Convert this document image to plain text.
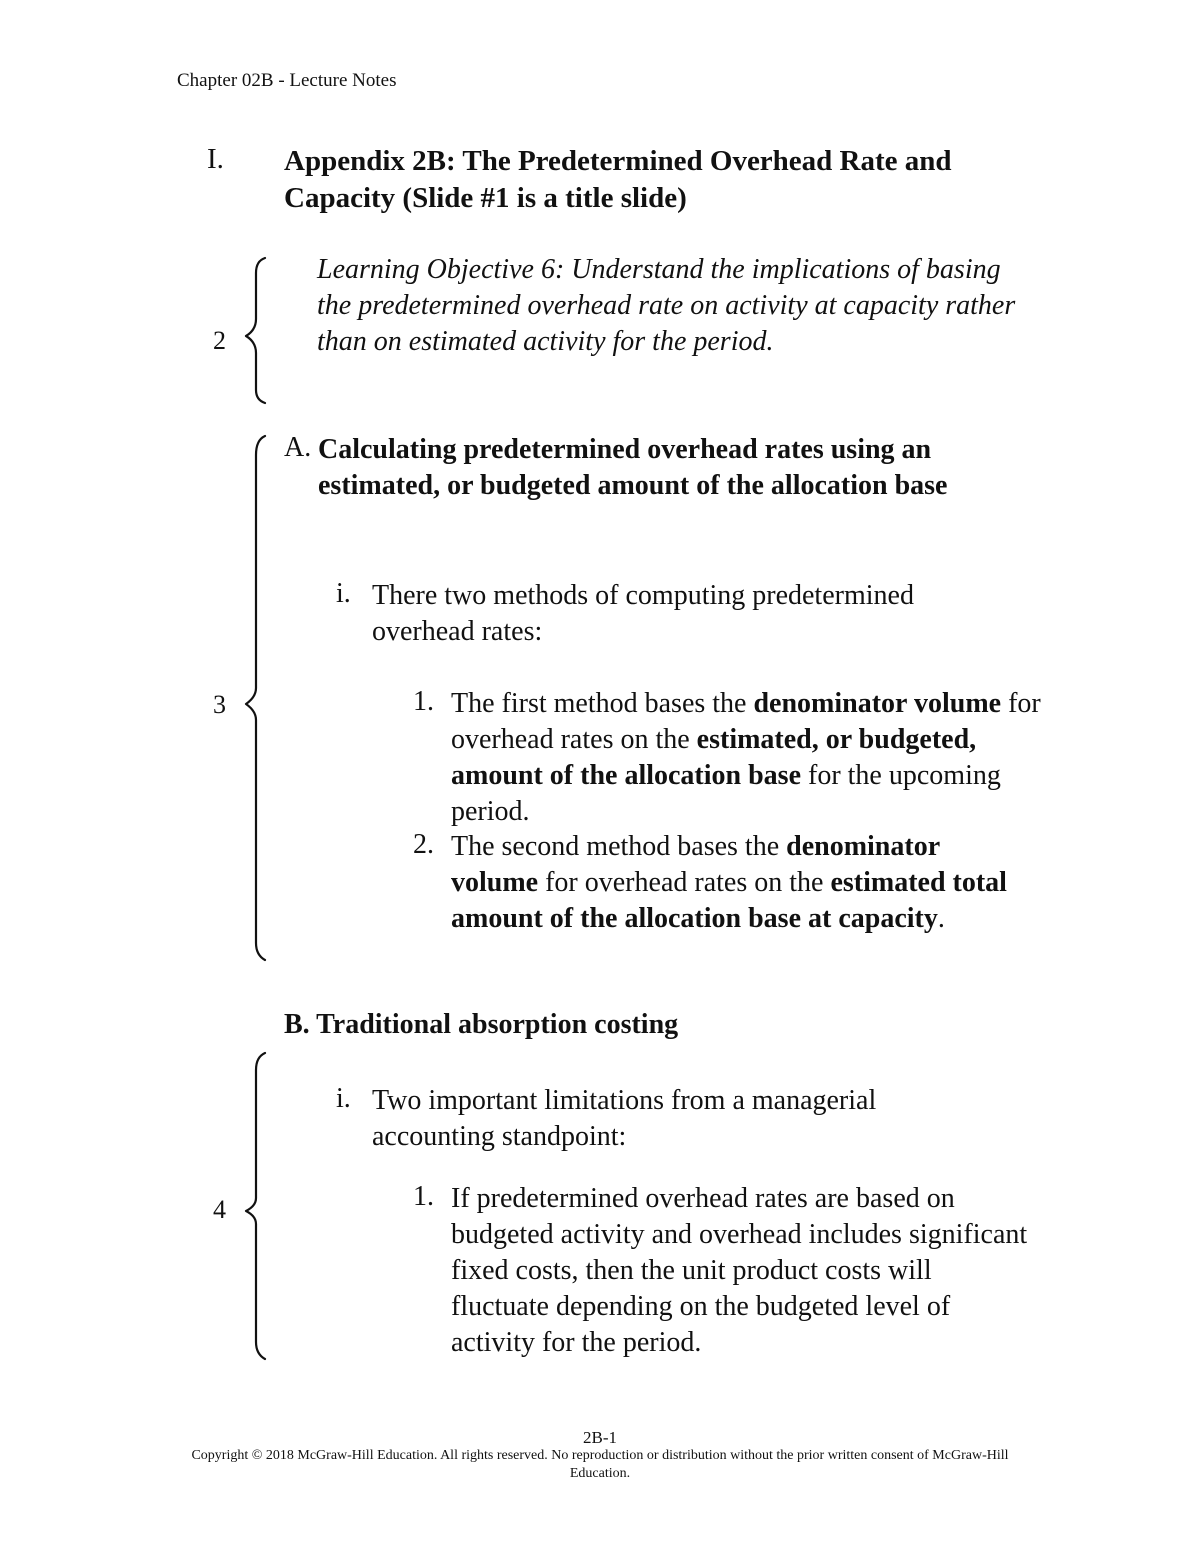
Chapter 02B - Lecture Notes
I. Appendix 2B: The Predetermined Overhead Rate and Capacity (Slide #1 is a title slide)
2
Learning Objective 6: Understand the implications of basing the predetermined overhead rate on activity at capacity rather than on estimated activity for the period.
3
A. Calculating predetermined overhead rates using an estimated, or budgeted amount of the allocation base
i. There two methods of computing predetermined overhead rates:
1. The first method bases the denominator volume for overhead rates on the estimated, or budgeted, amount of the allocation base for the upcoming period.
2. The second method bases the denominator volume for overhead rates on the estimated total amount of the allocation base at capacity.
B. Traditional absorption costing
4
i. Two important limitations from a managerial accounting standpoint:
1. If predetermined overhead rates are based on budgeted activity and overhead includes significant fixed costs, then the unit product costs will fluctuate depending on the budgeted level of activity for the period.
2B-1
Copyright © 2018 McGraw-Hill Education. All rights reserved. No reproduction or distribution without the prior written consent of McGraw-Hill Education.
